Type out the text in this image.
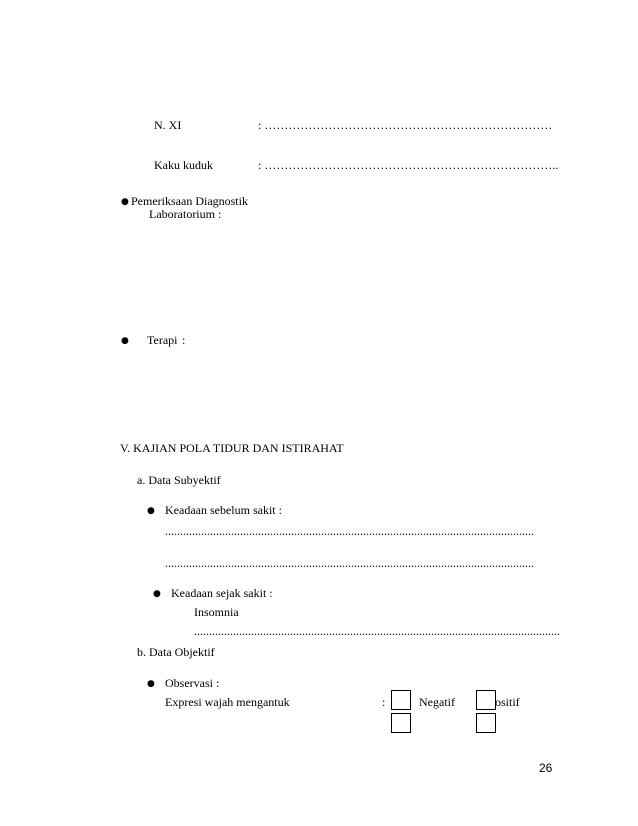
N. XI	: ………………………………………………………………
Kaku kuduk	: ………………………………………………………………..
● Pemeriksaan Diagnostik
Laboratorium :
● Terapi :
V. KAJIAN POLA TIDUR DAN ISTIRAHAT
a. Data Subyektif
● Keadaan sebelum sakit :
...........................................................................................................................
...........................................................................................................................
● Keadaan sejak sakit :
Insomnia
..........................................................................................................................
b. Data Objektif
● Observasi :
Expresi wajah mengantuk	:	Negatif	ositif
26
